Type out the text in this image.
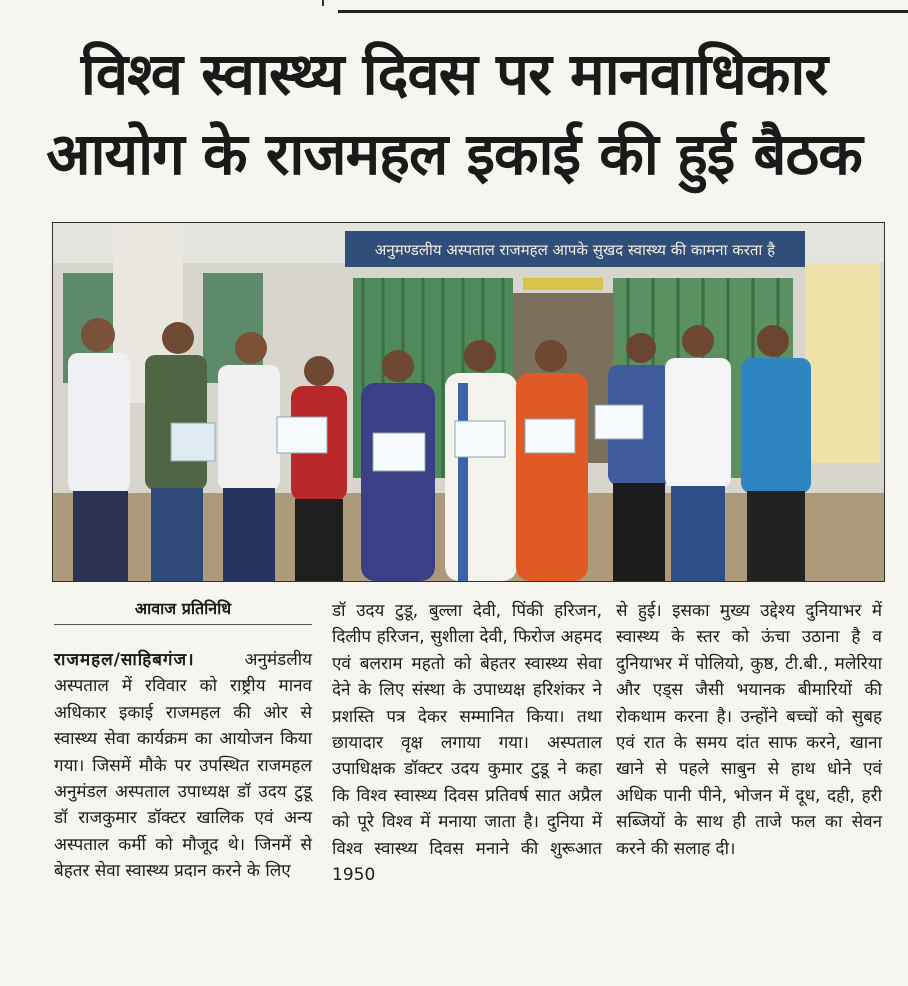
विश्व स्वास्थ्य दिवस पर मानवाधिकार
आयोग के राजमहल इकाई की हुई बैठक
अनुमण्डलीय अस्पताल राजमहल आपके सुखद स्वास्थ्य की कामना करता है
आवाज प्रतिनिधि

राजमहल/साहिबगंज।	अनुमंडलीय अस्पताल में रविवार को राष्ट्रीय मानव अधिकार इकाई राजमहल की ओर से स्वास्थ्य सेवा कार्यक्रम का आयोजन किया गया। जिसमें मौके पर उपस्थित राजमहल अनुमंडल अस्पताल उपाध्यक्ष डॉ उदय टुडू डॉ राजकुमार डॉक्टर खालिक एवं अन्य अस्पताल कर्मी को मौजूद थे। जिनमें से बेहतर सेवा स्वास्थ्य प्रदान करने के लिए

डॉ उदय टुडू, बुल्ला देवी, पिंकी हरिजन, दिलीप हरिजन, सुशीला देवी, फिरोज अहमद एवं बलराम महतो को बेहतर स्वास्थ्य सेवा देने के लिए संस्था के उपाध्यक्ष हरिशंकर ने प्रशस्ति पत्र देकर सम्मानित किया। तथा छायादार वृक्ष लगाया गया। अस्पताल उपाधिक्षक डॉक्टर उदय कुमार टुडू ने कहा कि विश्व स्वास्थ्य दिवस प्रतिवर्ष सात अप्रैल को पूरे विश्व में मनाया जाता है। दुनिया में विश्व स्वास्थ्य दिवस मनाने की शुरूआत 1950

से हुई। इसका मुख्य उद्देश्य दुनियाभर में स्वास्थ्य के स्तर को ऊंचा उठाना है व दुनियाभर में पोलियो, कुष्ठ, टी.बी., मलेरिया और एड्स जैसी भयानक बीमारियों की रोकथाम करना है। उन्होंने बच्चों को सुबह एवं रात के समय दांत साफ करने, खाना खाने से पहले साबुन से हाथ धोने एवं अधिक पानी पीने, भोजन में दूध, दही, हरी सब्जियों के साथ ही ताजे फल का सेवन करने की सलाह दी।
